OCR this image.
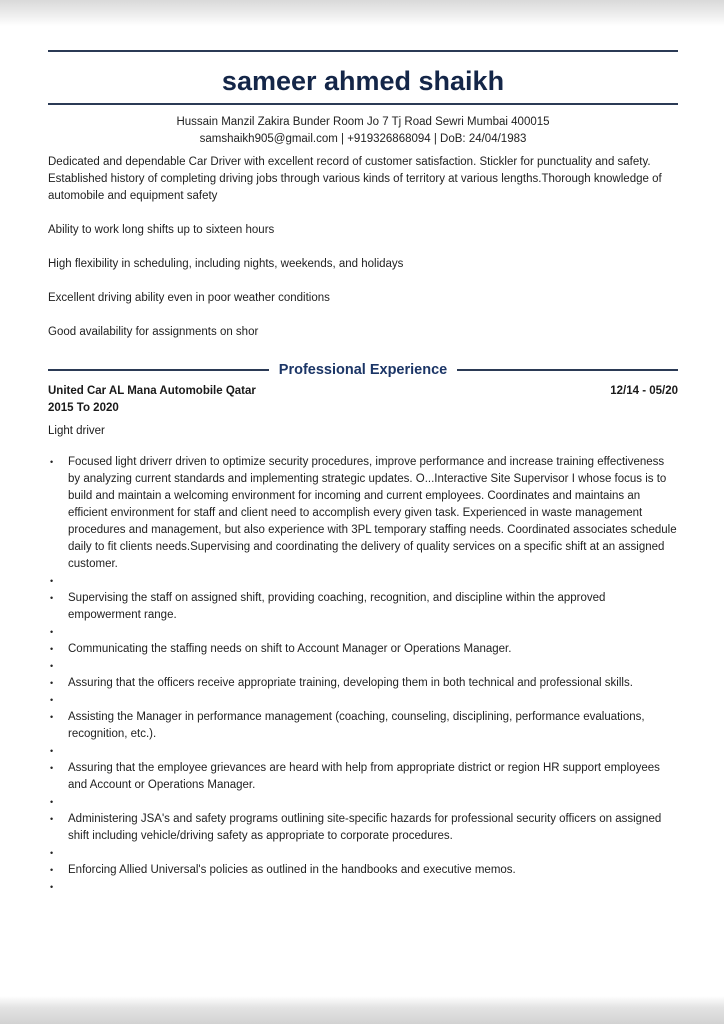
sameer ahmed shaikh
Hussain Manzil Zakira Bunder Room Jo 7 Tj Road Sewri Mumbai 400015
samshaikh905@gmail.com | +919326868094 | DoB: 24/04/1983
Dedicated and dependable Car Driver with excellent record of customer satisfaction. Stickler for punctuality and safety. Established history of completing driving jobs through various kinds of territory at various lengths.Thorough knowledge of automobile and equipment safety
Ability to work long shifts up to sixteen hours
High flexibility in scheduling, including nights, weekends, and holidays
Excellent driving ability even in poor weather conditions
Good availability for assignments on shor
Professional Experience
United Car AL Mana Automobile Qatar	12/14 - 05/20
2015 To 2020
Light driver
• Focused light driverr driven to optimize security procedures, improve performance and increase training effectiveness by analyzing current standards and implementing strategic updates. O...Interactive Site Supervisor I whose focus is to build and maintain a welcoming environment for incoming and current employees. Coordinates and maintains an efficient environment for staff and client need to accomplish every given task. Experienced in waste management procedures and management, but also experience with 3PL temporary staffing needs. Coordinated associates schedule daily to fit clients needs.Supervising and coordinating the delivery of quality services on a specific shift at an assigned customer.
•
• Supervising the staff on assigned shift, providing coaching, recognition, and discipline within the approved empowerment range.
•
• Communicating the staffing needs on shift to Account Manager or Operations Manager.
•
• Assuring that the officers receive appropriate training, developing them in both technical and professional skills.
•
• Assisting the Manager in performance management (coaching, counseling, disciplining, performance evaluations, recognition, etc.).
•
• Assuring that the employee grievances are heard with help from appropriate district or region HR support employees and Account or Operations Manager.
•
• Administering JSA's and safety programs outlining site-specific hazards for professional security officers on assigned shift including vehicle/driving safety as appropriate to corporate procedures.
•
• Enforcing Allied Universal's policies as outlined in the handbooks and executive memos.
•
